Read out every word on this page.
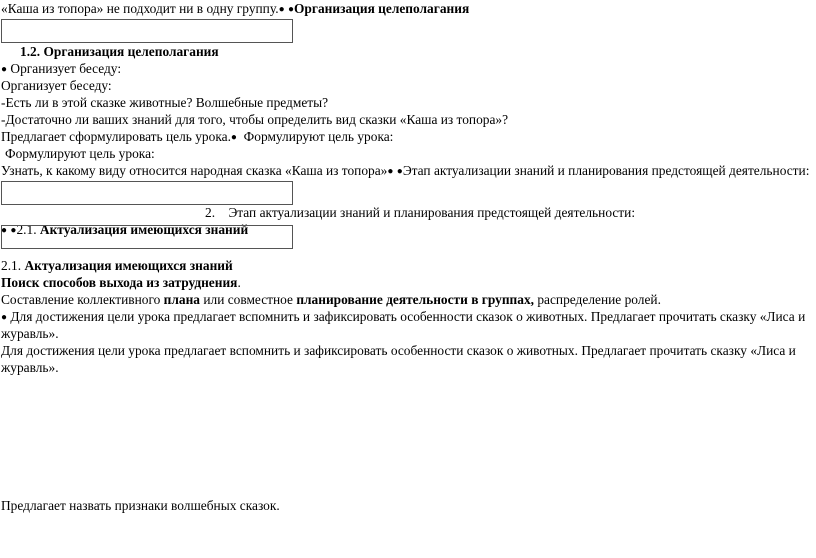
«Каша из топора» не подходит ни в одну группу.● ●Организация целеполагания
1.2. Организация целеполагания
● Организует беседу:
Организует беседу:
-Есть ли в этой сказке животные? Волшебные предметы?
-Достаточно ли ваших знаний для того, чтобы определить вид сказки «Каша из топора»?
Предлагает сформулировать цель урока.● Формулируют цель урока:
Формулируют цель урока:
Узнать, к какому виду относится народная сказка «Каша из топора»● ●Этап актуализации знаний и планирования предстоящей деятельности:
2. Этап актуализации знаний и планирования предстоящей деятельности:
● ●2.1. Актуализация имеющихся знаний
2.1. Актуализация имеющихся знаний
Поиск способов выхода из затруднения.
Составление коллективного плана или совместное планирование деятельности в группах, распределение ролей.
● Для достижения цели урока предлагает вспомнить и зафиксировать особенности сказок о животных. Предлагает прочитать сказку «Лиса и
журавль».
Для достижения цели урока предлагает вспомнить и зафиксировать особенности сказок о животных. Предлагает прочитать сказку «Лиса и
журавль».
Предлагает назвать признаки волшебных сказок.
